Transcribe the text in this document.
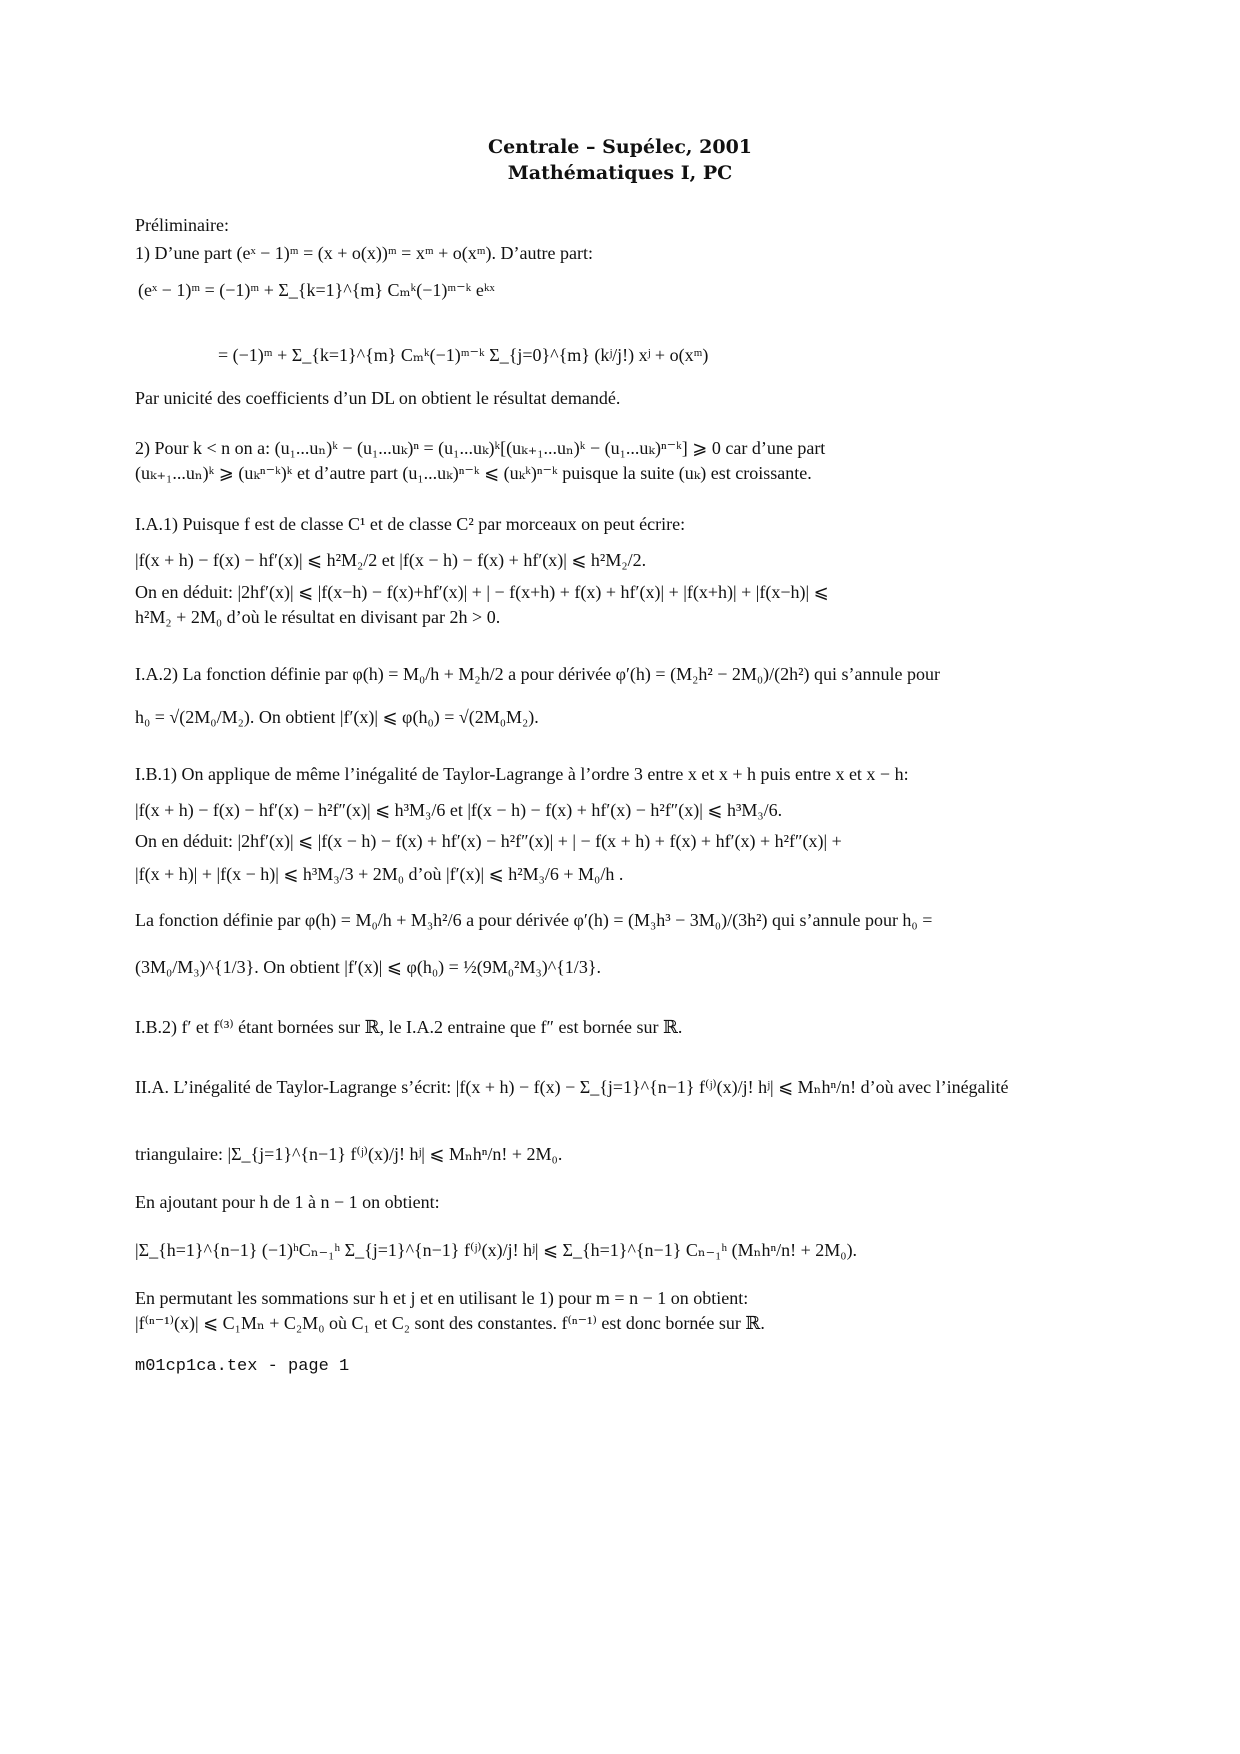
Centrale – Supélec, 2001
Mathématiques I, PC
Préliminaire:
1) D’une part (eˣ − 1)ᵐ = (x + o(x))ᵐ = xᵐ + o(xᵐ). D’autre part:
(eˣ − 1)ᵐ = (−1)ᵐ + Σ_{k=1}^{m} Cₘᵏ(−1)ᵐ⁻ᵏ eᵏˣ
= (−1)ᵐ + Σ_{k=1}^{m} Cₘᵏ(−1)ᵐ⁻ᵏ Σ_{j=0}^{m} (kʲ/j!) xʲ + o(xᵐ)
Par unicité des coefficients d’un DL on obtient le résultat demandé.
2) Pour k < n on a: (u₁...uₙ)ᵏ − (u₁...uₖ)ⁿ = (u₁...uₖ)ᵏ[(uₖ₊₁...uₙ)ᵏ − (u₁...uₖ)ⁿ⁻ᵏ] ⩾ 0 car d’une part
(uₖ₊₁...uₙ)ᵏ ⩾ (uₖⁿ⁻ᵏ)ᵏ et d’autre part (u₁...uₖ)ⁿ⁻ᵏ ⩽ (uₖᵏ)ⁿ⁻ᵏ puisque la suite (uₖ) est croissante.
I.A.1) Puisque f est de classe C¹ et de classe C² par morceaux on peut écrire:
|f(x + h) − f(x) − hf′(x)| ⩽ h²M₂/2 et |f(x − h) − f(x) + hf′(x)| ⩽ h²M₂/2.
On en déduit: |2hf′(x)| ⩽ |f(x−h) − f(x)+hf′(x)| + | − f(x+h) + f(x) + hf′(x)| + |f(x+h)| + |f(x−h)| ⩽
h²M₂ + 2M₀ d’où le résultat en divisant par 2h > 0.
I.A.2) La fonction définie par φ(h) = M₀/h + M₂h/2 a pour dérivée φ′(h) = (M₂h² − 2M₀)/(2h²) qui s’annule pour
h₀ = √(2M₀/M₂). On obtient |f′(x)| ⩽ φ(h₀) = √(2M₀M₂).
I.B.1) On applique de même l’inégalité de Taylor-Lagrange à l’ordre 3 entre x et x + h puis entre x et x − h:
|f(x + h) − f(x) − hf′(x) − h²f″(x)| ⩽ h³M₃/6 et |f(x − h) − f(x) + hf′(x) − h²f″(x)| ⩽ h³M₃/6.
On en déduit: |2hf′(x)| ⩽ |f(x − h) − f(x) + hf′(x) − h²f″(x)| + | − f(x + h) + f(x) + hf′(x) + h²f″(x)| +
|f(x + h)| + |f(x − h)| ⩽ h³M₃/3 + 2M₀ d’où |f′(x)| ⩽ h²M₃/6 + M₀/h .
La fonction définie par φ(h) = M₀/h + M₃h²/6 a pour dérivée φ′(h) = (M₃h³ − 3M₀)/(3h²) qui s’annule pour h₀ =
(3M₀/M₃)^{1/3}. On obtient |f′(x)| ⩽ φ(h₀) = ½(9M₀²M₃)^{1/3}.
I.B.2) f′ et f⁽³⁾ étant bornées sur ℝ, le I.A.2 entraine que f″ est bornée sur ℝ.
II.A. L’inégalité de Taylor-Lagrange s’écrit: |f(x + h) − f(x) − Σ_{j=1}^{n−1} f⁽ʲ⁾(x)/j! hʲ| ⩽ Mₙhⁿ/n! d’où avec l’inégalité
triangulaire: |Σ_{j=1}^{n−1} f⁽ʲ⁾(x)/j! hʲ| ⩽ Mₙhⁿ/n! + 2M₀.
En ajoutant pour h de 1 à n − 1 on obtient:
|Σ_{h=1}^{n−1} (−1)ʰCₙ₋₁ʰ Σ_{j=1}^{n−1} f⁽ʲ⁾(x)/j! hʲ| ⩽ Σ_{h=1}^{n−1} Cₙ₋₁ʰ (Mₙhⁿ/n! + 2M₀).
En permutant les sommations sur h et j et en utilisant le 1) pour m = n − 1 on obtient:
|f⁽ⁿ⁻¹⁾(x)| ⩽ C₁Mₙ + C₂M₀ où C₁ et C₂ sont des constantes. f⁽ⁿ⁻¹⁾ est donc bornée sur ℝ.
m01cp1ca.tex - page 1
